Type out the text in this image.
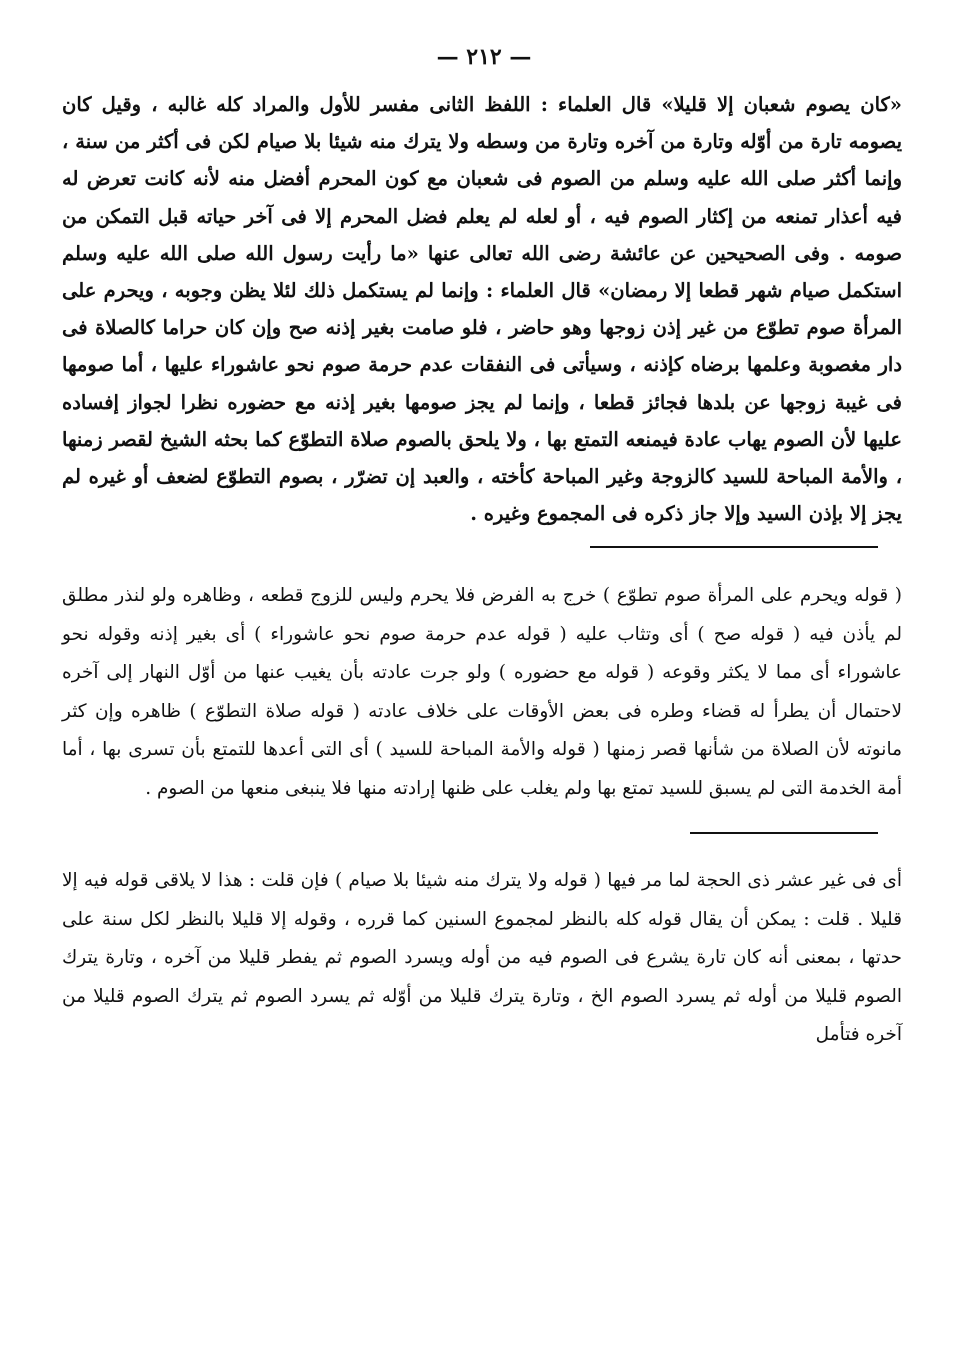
— ٢١٢ —

«كان يصوم شعبان إلا قليلا» قال العلماء : اللفظ الثانى مفسر للأول والمراد كله غالبه ، وقيل كان يصومه تارة من أوّله وتارة من آخره وتارة من وسطه ولا يترك منه شيئا بلا صيام لكن فى أكثر من سنة ، وإنما أكثر صلى الله عليه وسلم من الصوم فى شعبان مع كون المحرم أفضل منه لأنه كانت تعرض له فيه أعذار تمنعه من إكثار الصوم فيه ، أو لعله لم يعلم فضل المحرم إلا فى آخر حياته قبل التمكن من صومه . وفى الصحيحين عن عائشة رضى الله تعالى عنها «ما رأيت رسول الله صلى الله عليه وسلم استكمل صيام شهر قطعا إلا رمضان» قال العلماء : وإنما لم يستكمل ذلك لئلا يظن وجوبه ، ويحرم على المرأة صوم تطوّع من غير إذن زوجها وهو حاضر ، فلو صامت بغير إذنه صح وإن كان حراما كالصلاة فى دار مغصوبة وعلمها برضاه كإذنه ، وسيأتى فى النفقات عدم حرمة صوم نحو عاشوراء عليها ، أما صومها فى غيبة زوجها عن بلدها فجائز قطعا ، وإنما لم يجز صومها بغير إذنه مع حضوره نظرا لجواز إفساده عليها لأن الصوم يهاب عادة فيمنعه التمتع بها ، ولا يلحق بالصوم صلاة التطوّع كما بحثه الشيخ لقصر زمنها ، والأمة المباحة للسيد كالزوجة وغير المباحة كأخته ، والعبد إن تضرّر ، بصوم التطوّع لضعف أو غيره لم يجز إلا بإذن السيد وإلا جاز ذكره فى المجموع وغيره .

( قوله ويحرم على المرأة صوم تطوّع ) خرج به الفرض فلا يحرم وليس للزوج قطعه ، وظاهره ولو لنذر مطلق لم يأذن فيه ( قوله صح ) أى وتثاب عليه ( قوله عدم حرمة صوم نحو عاشوراء ) أى بغير إذنه وقوله نحو عاشوراء أى مما لا يكثر وقوعه ( قوله مع حضوره ) ولو جرت عادته بأن يغيب عنها من أوّل النهار إلى آخره لاحتمال أن يطرأ له قضاء وطره فى بعض الأوقات على خلاف عادته ( قوله صلاة التطوّع ) ظاهره وإن كثر مانوته لأن الصلاة من شأنها قصر زمنها ( قوله والأمة المباحة للسيد ) أى التى أعدها للتمتع بأن تسرى بها ، أما أمة الخدمة التى لم يسبق للسيد تمتع بها ولم يغلب على ظنها إرادته منها فلا ينبغى منعها من الصوم .

أى فى غير عشر ذى الحجة لما مر فيها ( قوله ولا يترك منه شيئا بلا صيام ) فإن قلت : هذا لا يلاقى قوله فيه إلا قليلا . قلت : يمكن أن يقال قوله كله بالنظر لمجموع السنين كما قرره ، وقوله إلا قليلا بالنظر لكل سنة على حدتها ، بمعنى أنه كان تارة يشرع فى الصوم فيه من أوله ويسرد الصوم ثم يفطر قليلا من آخره ، وتارة يترك الصوم قليلا من أوله ثم يسرد الصوم الخ ، وتارة يترك قليلا من أوّله ثم يسرد الصوم ثم يترك الصوم قليلا من آخره فتأمل
